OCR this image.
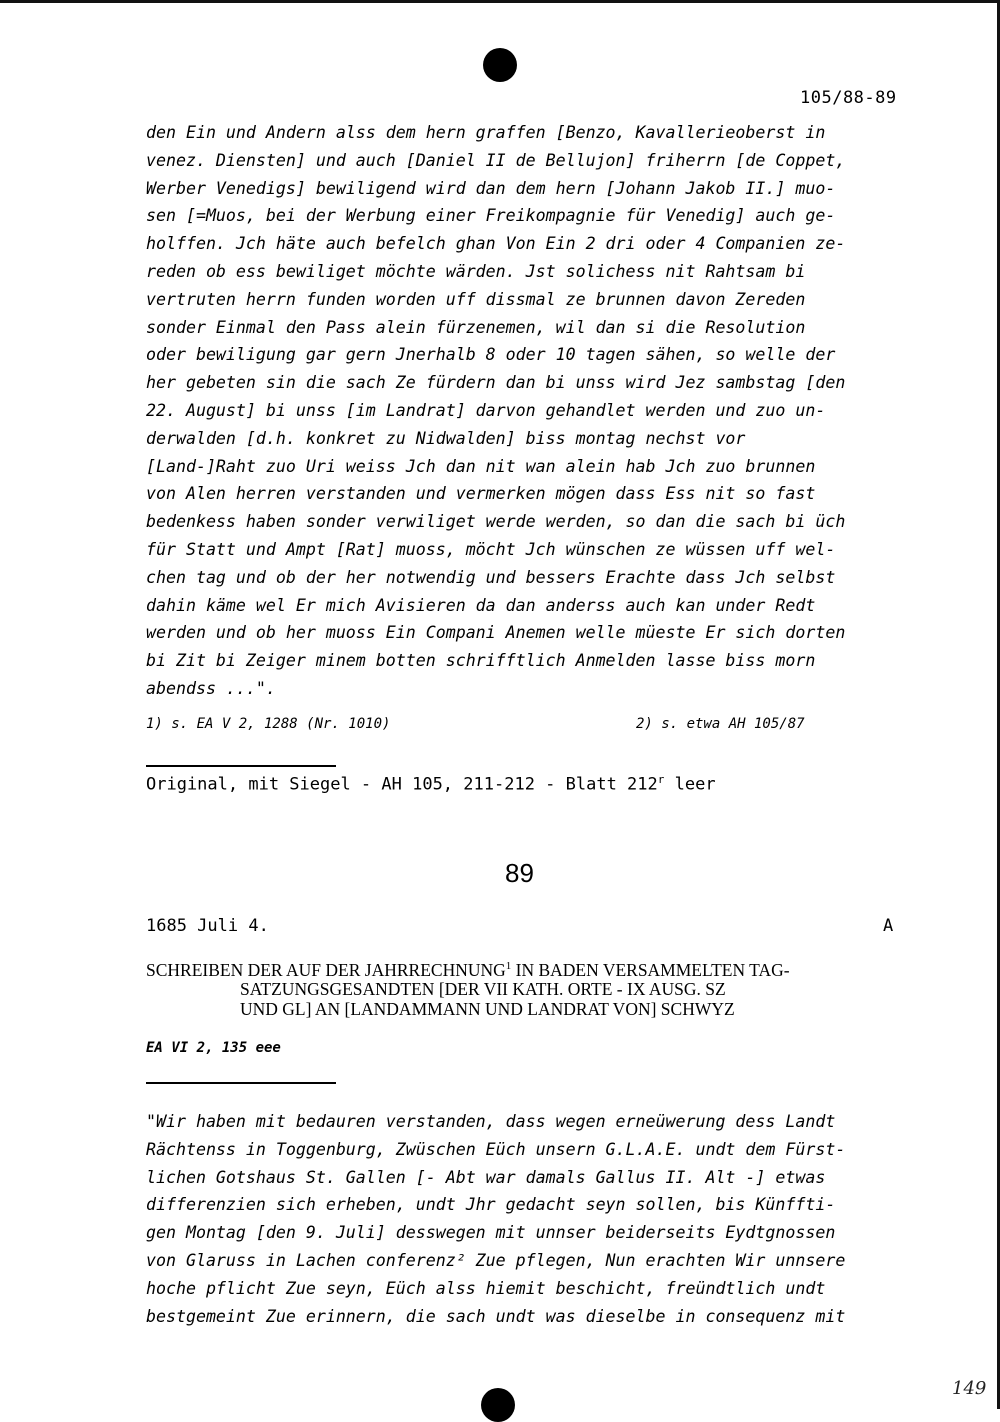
105/88-89
den Ein und Andern alss dem hern graffen [Benzo, Kavallerieoberst in
venez. Diensten] und auch [Daniel II de Bellujon] friherrn [de Coppet,
Werber Venedigs] bewiligend wird dan dem hern [Johann Jakob II.] muo-
sen [=Muos, bei der Werbung einer Freikompagnie für Venedig] auch ge-
holffen. Jch häte auch befelch ghan Von Ein 2 dri oder 4 Companien ze-
reden ob ess bewiliget möchte wärden. Jst solichess nit Rahtsam bi
vertruten herrn funden worden uff dissmal ze brunnen davon Zereden
sonder Einmal den Pass alein fürzenemen, wil dan si die Resolution
oder bewiligung gar gern Jnerhalb 8 oder 10 tagen sähen, so welle der
her gebeten sin die sach Ze fürdern dan bi unss wird Jez sambstag [den
22. August] bi unss [im Landrat] darvon gehandlet werden und zuo un-
derwalden [d.h. konkret zu Nidwalden] biss montag nechst vor
[Land-]Raht zuo Uri weiss Jch dan nit wan alein hab Jch zuo brunnen
von Alen herren verstanden und vermerken mögen dass Ess nit so fast
bedenkess haben sonder verwiliget werde werden, so dan die sach bi üch
für Statt und Ampt [Rat] muoss, möcht Jch wünschen ze wüssen uff wel-
chen tag und ob der her notwendig und bessers Erachte dass Jch selbst
dahin käme wel Er mich Avisieren da dan anderss auch kan under Redt
werden und ob her muoss Ein Compani Anemen welle müeste Er sich dorten
bi Zit bi Zeiger minem botten schrifftlich Anmelden lasse biss morn
abendss ...".
1) s. EA V 2, 1288 (Nr. 1010)	2) s. etwa AH 105/87
Original, mit Siegel - AH 105, 211-212 - Blatt 212$^r$ leer
89
1685 Juli 4.	A
SCHREIBEN DER AUF DER JAHRRECHNUNG$^1$ IN BADEN VERSAMMELTEN TAG-
SATZUNGSGESANDTEN [DER VII KATH. ORTE - IX AUSG. SZ
UND GL] AN [LANDAMMANN UND LANDRAT VON] SCHWYZ
EA VI 2, 135 eee
"Wir haben mit bedauren verstanden, dass wegen erneüwerung dess Landt
Rächtenss in Toggenburg, Zwüschen Eüch unsern G.L.A.E. undt dem Fürst-
lichen Gotshaus St. Gallen [- Abt war damals Gallus II. Alt -] etwas
differenzien sich erheben, undt Jhr gedacht seyn sollen, bis Künffti-
gen Montag [den 9. Juli] desswegen mit unnser beiderseits Eydtgnossen
von Glaruss in Lachen conferenz² Zue pflegen, Nun erachten Wir unnsere
hoche pflicht Zue seyn, Eüch alss hiemit beschicht, freündtlich undt
bestgemeint Zue erinnern, die sach undt was dieselbe in consequenz mit
149
